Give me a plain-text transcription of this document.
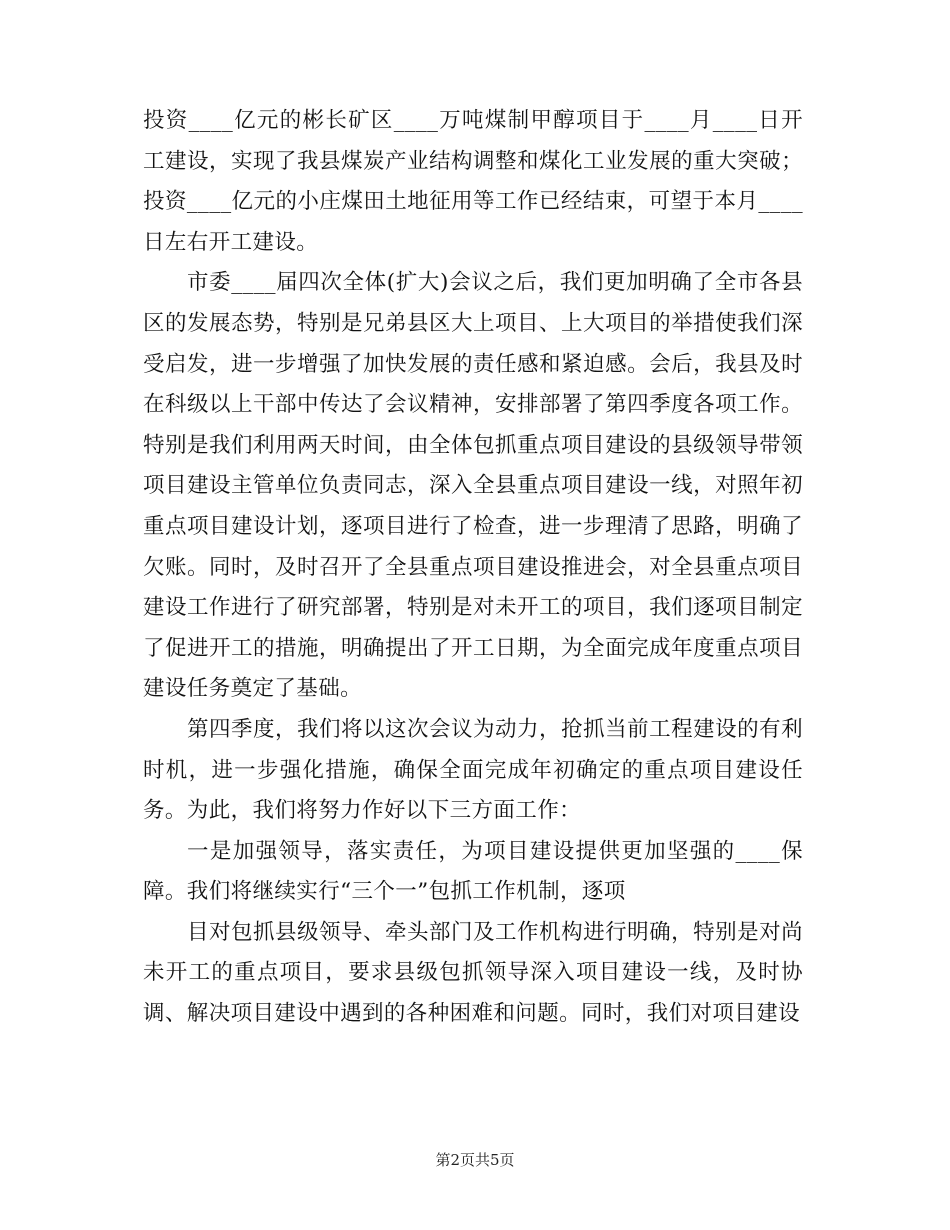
投资____亿元的彬长矿区____万吨煤制甲醇项目于____月____日开工建设，实现了我县煤炭产业结构调整和煤化工业发展的重大突破；投资____亿元的小庄煤田土地征用等工作已经结束，可望于本月____日左右开工建设。

市委____届四次全体(扩大)会议之后，我们更加明确了全市各县区的发展态势，特别是兄弟县区大上项目、上大项目的举措使我们深受启发，进一步增强了加快发展的责任感和紧迫感。会后，我县及时在科级以上干部中传达了会议精神，安排部署了第四季度各项工作。特别是我们利用两天时间，由全体包抓重点项目建设的县级领导带领项目建设主管单位负责同志，深入全县重点项目建设一线，对照年初重点项目建设计划，逐项目进行了检查，进一步理清了思路，明确了欠账。同时，及时召开了全县重点项目建设推进会，对全县重点项目建设工作进行了研究部署，特别是对未开工的项目，我们逐项目制定了促进开工的措施，明确提出了开工日期，为全面完成年度重点项目建设任务奠定了基础。

第四季度，我们将以这次会议为动力，抢抓当前工程建设的有利时机，进一步强化措施，确保全面完成年初确定的重点项目建设任务。为此，我们将努力作好以下三方面工作：

一是加强领导，落实责任，为项目建设提供更加坚强的____保障。我们将继续实行“三个一”包抓工作机制，逐项

目对包抓县级领导、牵头部门及工作机构进行明确，特别是对尚未开工的重点项目，要求县级包抓领导深入项目建设一线，及时协调、解决项目建设中遇到的各种困难和问题。同时，我们对项目建设

第2页共5页
